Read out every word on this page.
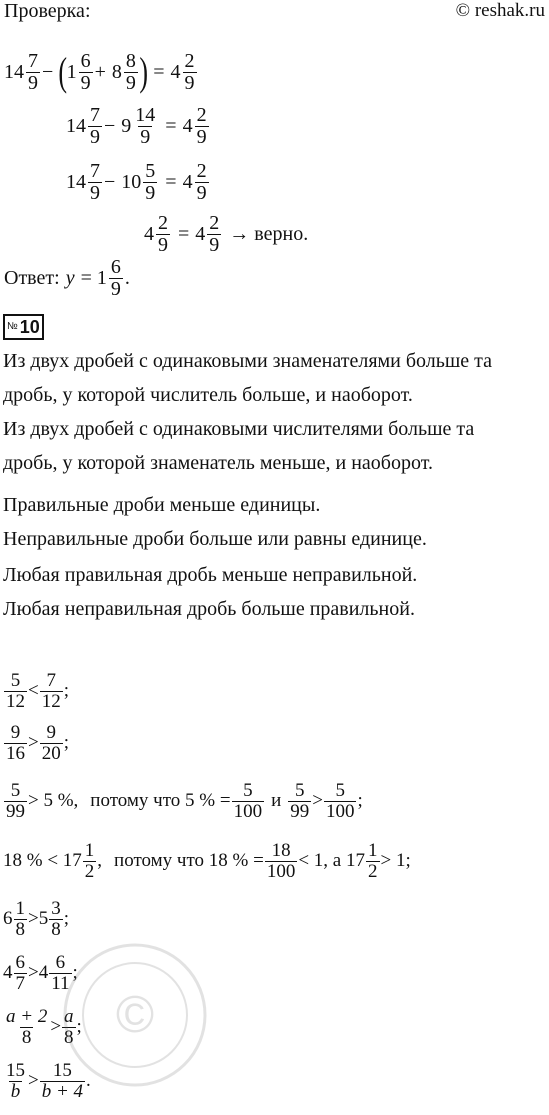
Проверка:	© reshak.ru
$14 \frac{7}{9}$ − ( $1 \frac{6}{9} + 8 \frac{8}{9}$ ) = $4 \frac{2}{9}$
$14 \frac{7}{9} - 9 \frac{14}{9} = 4 \frac{2}{9}$
$14 \frac{7}{9} - 10 \frac{5}{9} = 4 \frac{2}{9}$
$4 \frac{2}{9} = 4 \frac{2}{9}$ → верно.
Ответ: $y = 1 \frac{6}{9}$ .
№ 10
Из двух дробей с одинаковыми знаменателями больше та
дробь, у которой числитель больше, и наоборот.
Из двух дробей с одинаковыми числителями больше та
дробь, у которой знаменатель меньше, и наоборот.
Правильные дроби меньше единицы.
Неправильные дроби больше или равны единице.
Любая правильная дробь меньше неправильной.
Любая неправильная дробь больше правильной.
$\frac{5}{12} < \frac{7}{12}$ ;
$\frac{9}{16} > \frac{9}{20}$ ;
$\frac{5}{99} > 5$ %, потому что 5 % = $\frac{5}{100}$ и $\frac{5}{99} > \frac{5}{100}$ ;
18 % < $17 \frac{1}{2}$ , потому что 18 % = $\frac{18}{100} < 1$, а $17 \frac{1}{2} > 1$;
$6 \frac{1}{8} > 5 \frac{3}{8}$ ;
$4 \frac{6}{7} > 4 \frac{6}{11}$ ;
$\frac{a + 2}{8} > \frac{a}{8}$ ;
$\frac{15}{b} > \frac{15}{b + 4}$ .
©
